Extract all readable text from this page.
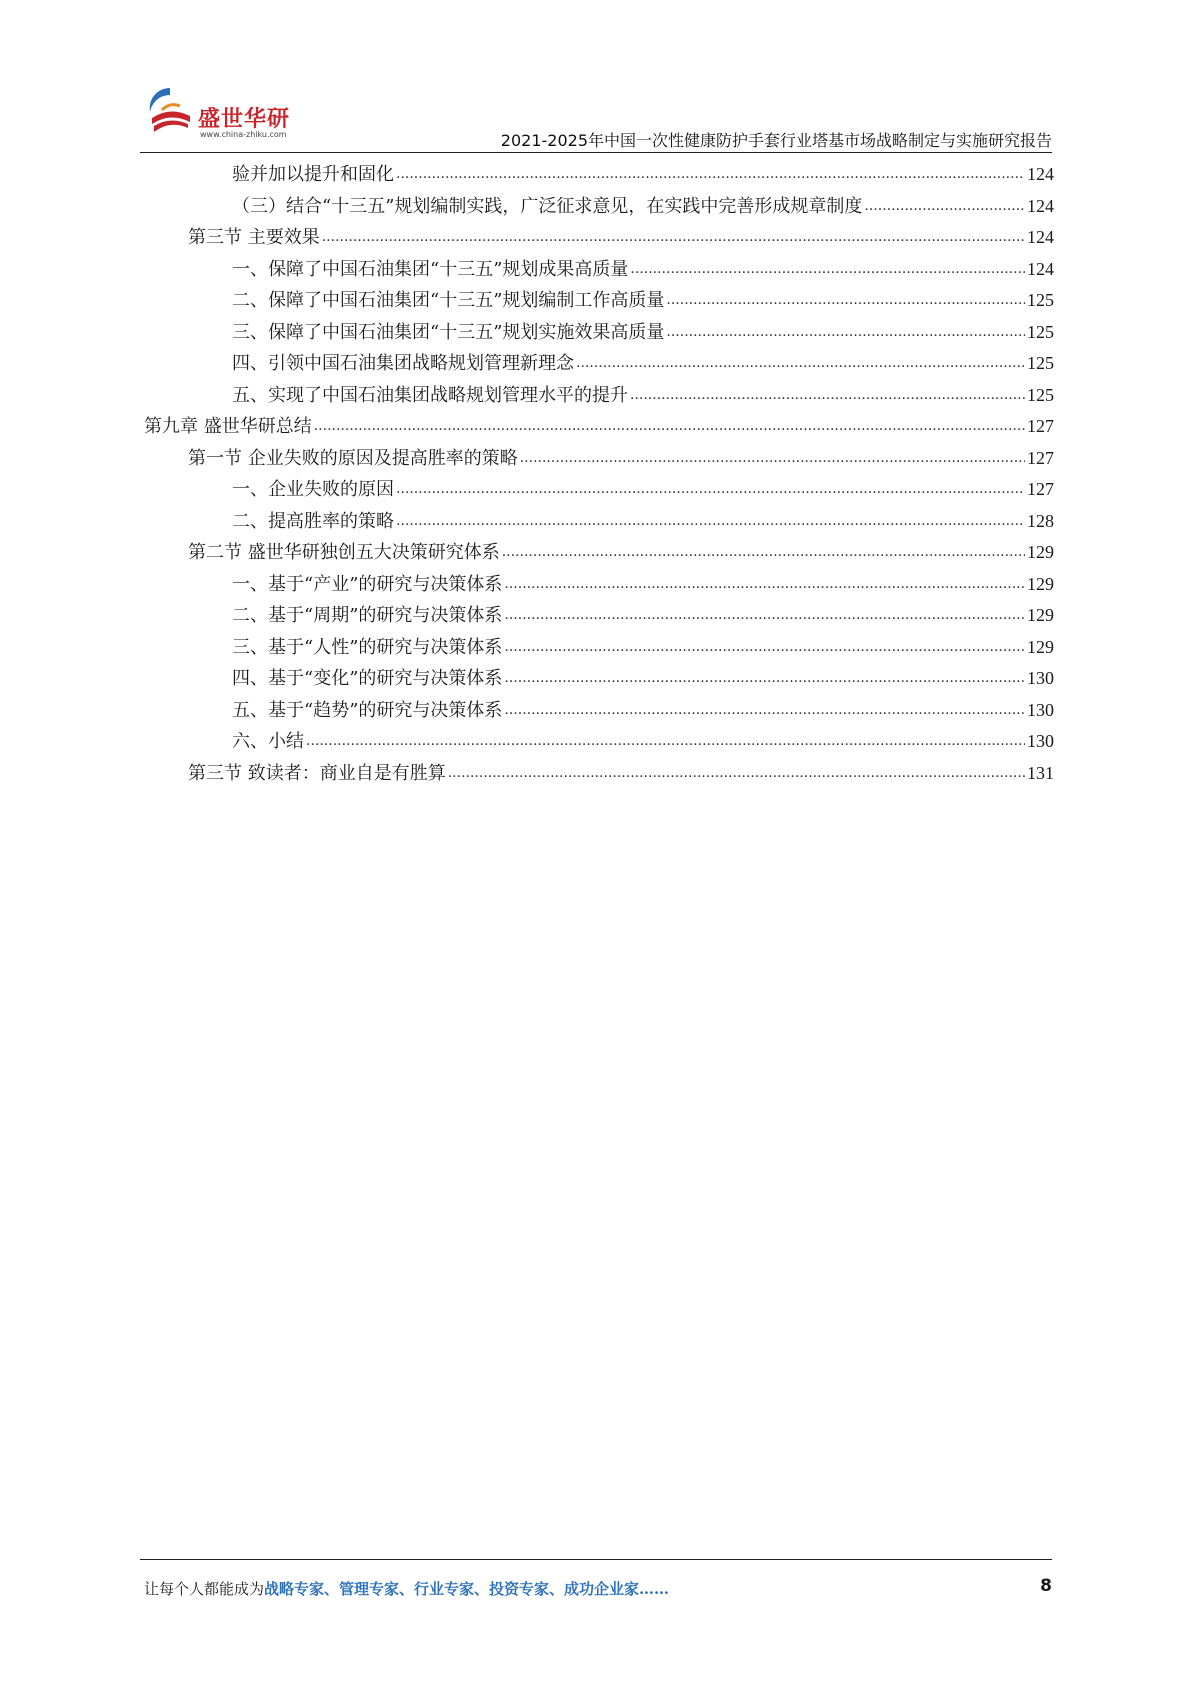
盛世华研
www.china-zhiku.com	2021-2025年中国一次性健康防护手套行业塔基市场战略制定与实施研究报告
验并加以提升和固化 .....	124
（三）结合“十三五”规划编制实践，广泛征求意见，在实践中完善形成规章制度 .....	124
第三节 主要效果 .....	124
一、保障了中国石油集团“十三五”规划成果高质量 .....	124
二、保障了中国石油集团“十三五”规划编制工作高质量 .....	125
三、保障了中国石油集团“十三五”规划实施效果高质量 .....	125
四、引领中国石油集团战略规划管理新理念 .....	125
五、实现了中国石油集团战略规划管理水平的提升 .....	125
第九章 盛世华研总结 .....	127
第一节 企业失败的原因及提高胜率的策略 .....	127
一、企业失败的原因 .....	127
二、提高胜率的策略 .....	128
第二节 盛世华研独创五大决策研究体系 .....	129
一、基于“产业”的研究与决策体系 .....	129
二、基于“周期”的研究与决策体系 .....	129
三、基于“人性”的研究与决策体系 .....	129
四、基于“变化”的研究与决策体系 .....	130
五、基于“趋势”的研究与决策体系 .....	130
六、小结 .....	130
第三节 致读者：商业自是有胜算 .....	131
让每个人都能成为战略专家、管理专家、行业专家、投资专家、成功企业家……	8
